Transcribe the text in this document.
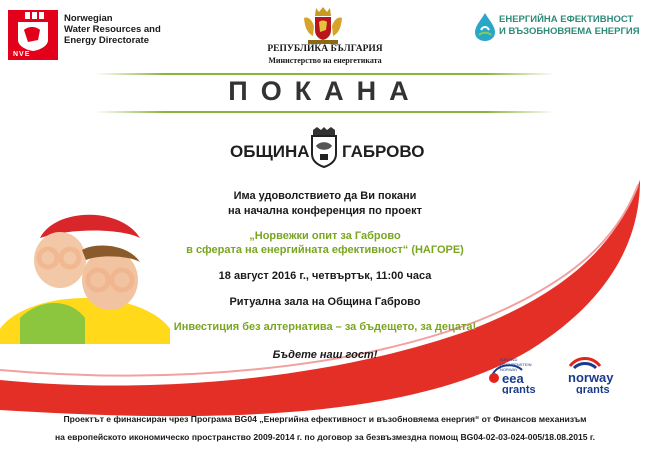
NVE
Norwegian
Water Resources and
Energy Directorate
РЕПУБЛИКА БЪЛГАРИЯ
Министерство на енергетиката
ЕНЕРГИЙНА ЕФЕКТИВНОСТ
И ВЪЗОБНОВЯЕМА ЕНЕРГИЯ
ПОКАНА
ОБЩИНА ГАБРОВО
Има удоволствието да Ви покани
на начална конференция по проект
„Норвежки опит за Габрово
в сферата на енергийната ефективност“ (НАГОРЕ)
18 август 2016 г., четвъртък, 11:00 часа
Ритуална зала на Община Габрово
Инвестиция без алтернатива – за бъдещето, за децата!
Бъдете наш гост!	ICELAND
LIECHTENSTEIN
NORWAY
eea
grants
norway
grants
Проектът е финансиран чрез Програма BG04 „Енергийна ефективност и възобновяема енергия“ от Финансов механизъм
на европейското икономическо пространство 2009-2014 г. по договор за безвъзмездна помощ BG04-02-03-024-005/18.08.2015 г.
